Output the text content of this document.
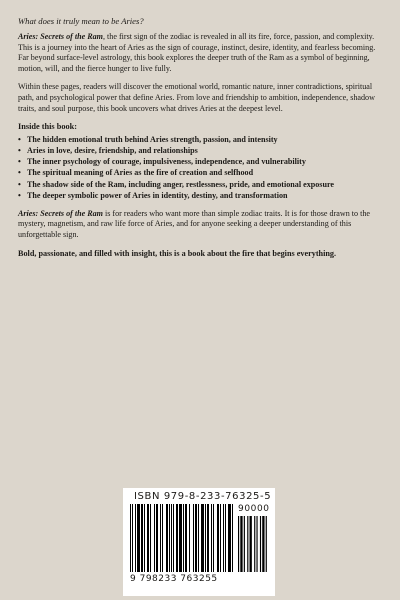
What does it truly mean to be Aries?

Aries: Secrets of the Ram, the first sign of the zodiac is revealed in all its fire, force, passion, and complexity. This is a journey into the heart of Aries as the sign of courage, instinct, desire, identity, and fearless becoming. Far beyond surface-level astrology, this book explores the deeper truth of the Ram as a symbol of beginning, motion, will, and the fierce hunger to live fully.

Within these pages, readers will discover the emotional world, romantic nature, inner contradictions, spiritual path, and psychological power that define Aries. From love and friendship to ambition, independence, shadow traits, and soul purpose, this book uncovers what drives Aries at the deepest level.

Inside this book:
• The hidden emotional truth behind Aries strength, passion, and intensity
• Aries in love, desire, friendship, and relationships
• The inner psychology of courage, impulsiveness, independence, and vulnerability
• The spiritual meaning of Aries as the fire of creation and selfhood
• The shadow side of the Ram, including anger, restlessness, pride, and emotional exposure
• The deeper symbolic power of Aries in identity, destiny, and transformation

Aries: Secrets of the Ram is for readers who want more than simple zodiac traits. It is for those drawn to the mystery, magnetism, and raw life force of Aries, and for anyone seeking a deeper understanding of this unforgettable sign.

Bold, passionate, and filled with insight, this is a book about the fire that begins everything.

ISBN 979-8-233-76325-5
90000
9 798233 763255
